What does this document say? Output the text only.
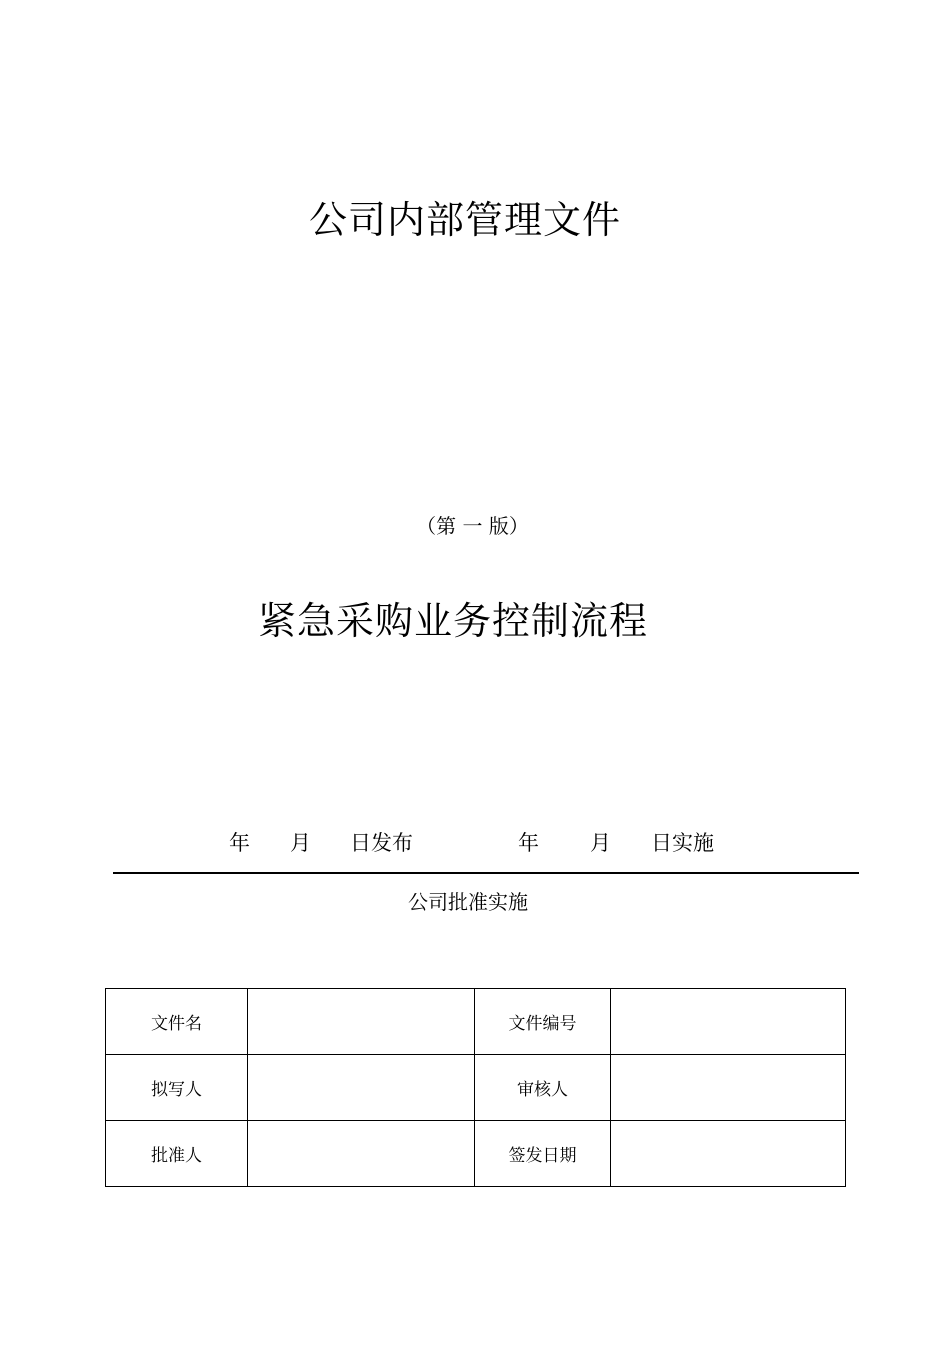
公司内部管理文件
（第 一 版）
紧急采购业务控制流程
年 月 日发布	年 月 日实施
公司批准实施
文件名		文件编号	
拟写人		审核人	
批准人		签发日期	
